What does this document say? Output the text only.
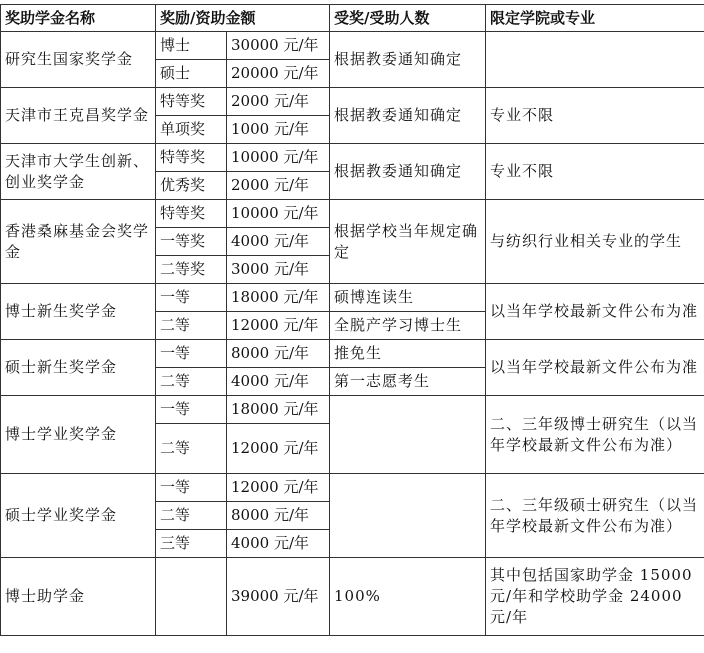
奖助学金名称	奖励/资助金额		受奖/受助人数	限定学院或专业
研究生国家奖学金	博士	30000 元/年	根据教委通知确定	
	硕士	20000 元/年		
天津市王克昌奖学金	特等奖	2000 元/年	根据教委通知确定	专业不限
	单项奖	1000 元/年		
天津市大学生创新、创业奖学金	特等奖	10000 元/年	根据教委通知确定	专业不限
	优秀奖	2000 元/年		
香港桑麻基金会奖学金	特等奖	10000 元/年	根据学校当年规定确定	与纺织行业相关专业的学生
	一等奖	4000 元/年		
	二等奖	3000 元/年		
博士新生奖学金	一等	18000 元/年	硕博连读生	以当年学校最新文件公布为准
	二等	12000 元/年	全脱产学习博士生	
硕士新生奖学金	一等	8000 元/年	推免生	以当年学校最新文件公布为准
	二等	4000 元/年	第一志愿考生	
博士学业奖学金	一等	18000 元/年		二、三年级博士研究生（以当年学校最新文件公布为准）
	二等	12000 元/年		
硕士学业奖学金	一等	12000 元/年		二、三年级硕士研究生（以当年学校最新文件公布为准）
	二等	8000 元/年		
	三等	4000 元/年		
博士助学金		39000 元/年	100%	其中包括国家助学金 15000 元/年和学校助学金 24000 元/年
